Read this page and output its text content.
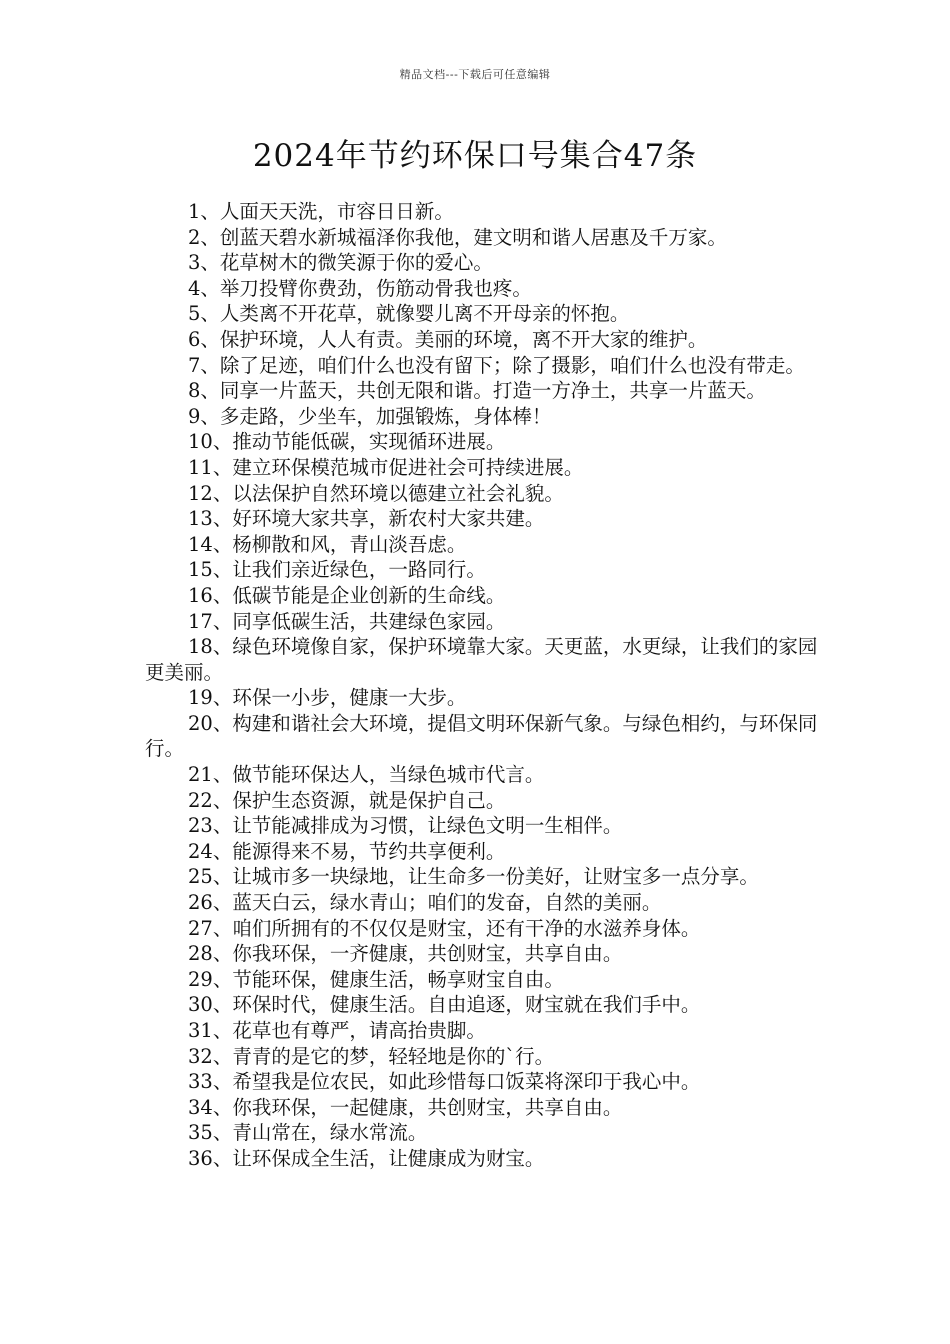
精品文档---下载后可任意编辑
2024年节约环保口号集合47条
1、人面天天洗，市容日日新。
2、创蓝天碧水新城福泽你我他，建文明和谐人居惠及千万家。
3、花草树木的微笑源于你的爱心。
4、举刀投臂你费劲，伤筋动骨我也疼。
5、人类离不开花草，就像婴儿离不开母亲的怀抱。
6、保护环境，人人有责。美丽的环境，离不开大家的维护。
7、除了足迹，咱们什么也没有留下；除了摄影，咱们什么也没有带走。
8、同享一片蓝天，共创无限和谐。打造一方净土，共享一片蓝天。
9、多走路，少坐车，加强锻炼，身体棒！
10、推动节能低碳，实现循环进展。
11、建立环保模范城市促进社会可持续进展。
12、以法保护自然环境以德建立社会礼貌。
13、好环境大家共享，新农村大家共建。
14、杨柳散和风，青山淡吾虑。
15、让我们亲近绿色，一路同行。
16、低碳节能是企业创新的生命线。
17、同享低碳生活，共建绿色家园。
18、绿色环境像自家，保护环境靠大家。天更蓝，水更绿，让我们的家园更美丽。
19、环保一小步，健康一大步。
20、构建和谐社会大环境，提倡文明环保新气象。与绿色相约，与环保同行。
21、做节能环保达人，当绿色城市代言。
22、保护生态资源，就是保护自己。
23、让节能减排成为习惯，让绿色文明一生相伴。
24、能源得来不易，节约共享便利。
25、让城市多一块绿地，让生命多一份美好，让财宝多一点分享。
26、蓝天白云，绿水青山；咱们的发奋，自然的美丽。
27、咱们所拥有的不仅仅是财宝，还有干净的水滋养身体。
28、你我环保，一齐健康，共创财宝，共享自由。
29、节能环保，健康生活，畅享财宝自由。
30、环保时代，健康生活。自由追逐，财宝就在我们手中。
31、花草也有尊严，请高抬贵脚。
32、青青的是它的梦，轻轻地是你的`行。
33、希望我是位农民，如此珍惜每口饭菜将深印于我心中。
34、你我环保，一起健康，共创财宝，共享自由。
35、青山常在，绿水常流。
36、让环保成全生活，让健康成为财宝。
